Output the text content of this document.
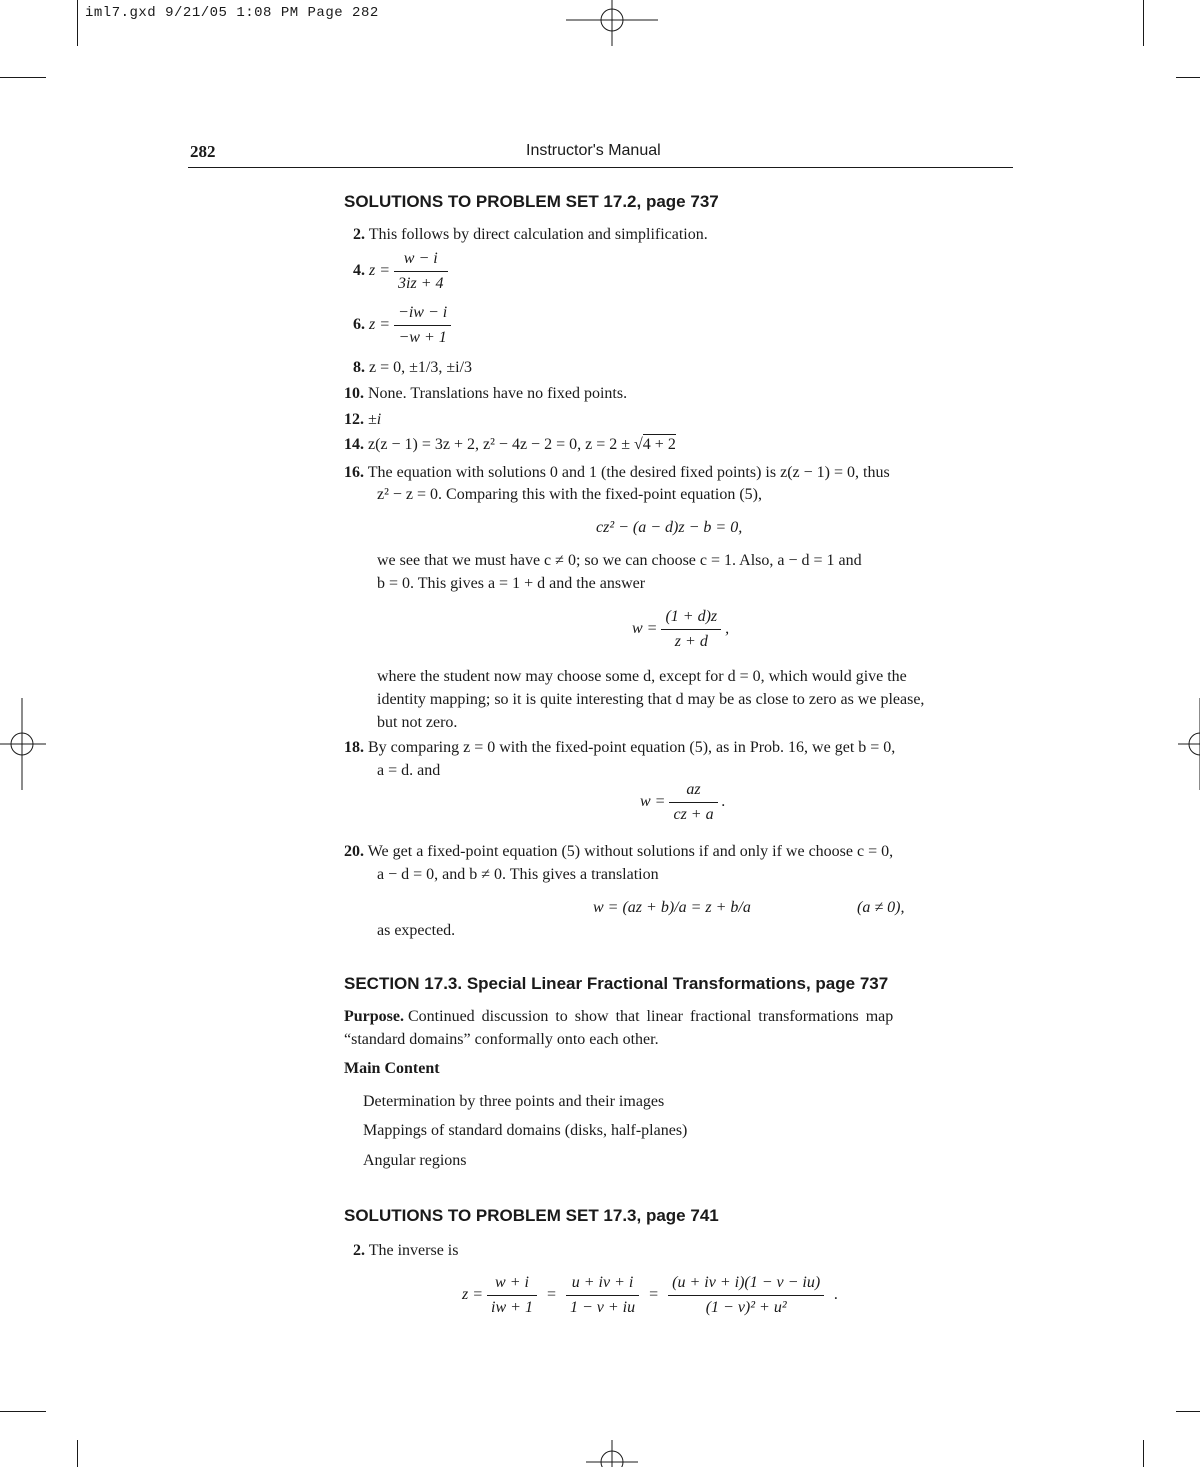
iml7.gxd 9/21/05 1:08 PM Page 282
282	Instructor's Manual
SOLUTIONS TO PROBLEM SET 17.2, page 737
2. This follows by direct calculation and simplification.
4. $z = \frac{w - i}{3iz + 4}$
6. $z = \frac{-iw - i}{-w + 1}$
8. z = 0, ±1/3, ±i/3
10. None. Translations have no fixed points.
12. ±i
14. z(z − 1) = 3z + 2, z² − 4z − 2 = 0, z = 2 ± √4 + 2
16. The equation with solutions 0 and 1 (the desired fixed points) is z(z − 1) = 0, thus
z² − z = 0. Comparing this with the fixed-point equation (5),
cz² − (a − d)z − b = 0,
we see that we must have c ≠ 0; so we can choose c = 1. Also, a − d = 1 and
b = 0. This gives a = 1 + d and the answer
$w = \frac{(1 + d)z}{z + d}$ ,
where the student now may choose some d, except for d = 0, which would give the
identity mapping; so it is quite interesting that d may be as close to zero as we please,
but not zero.
18. By comparing z = 0 with the fixed-point equation (5), as in Prob. 16, we get b = 0,
a = d. and
$w = \frac{az}{cz + a}$ .
20. We get a fixed-point equation (5) without solutions if and only if we choose c = 0,
a − d = 0, and b ≠ 0. This gives a translation
w = (az + b)/a = z + b/a	(a ≠ 0),
as expected.
SECTION 17.3. Special Linear Fractional Transformations, page 737
Purpose. Continued discussion to show that linear fractional transformations map
“standard domains” conformally onto each other.
Main Content
Determination by three points and their images
Mappings of standard domains (disks, half-planes)
Angular regions
SOLUTIONS TO PROBLEM SET 17.3, page 741
2. The inverse is
$z = \frac{w + i}{iw + 1} = \frac{u + iv + i}{1 - v + iu} = \frac{(u + iv + i)(1 - v - iu)}{\text{(1 − v)² + u²}}$ .
